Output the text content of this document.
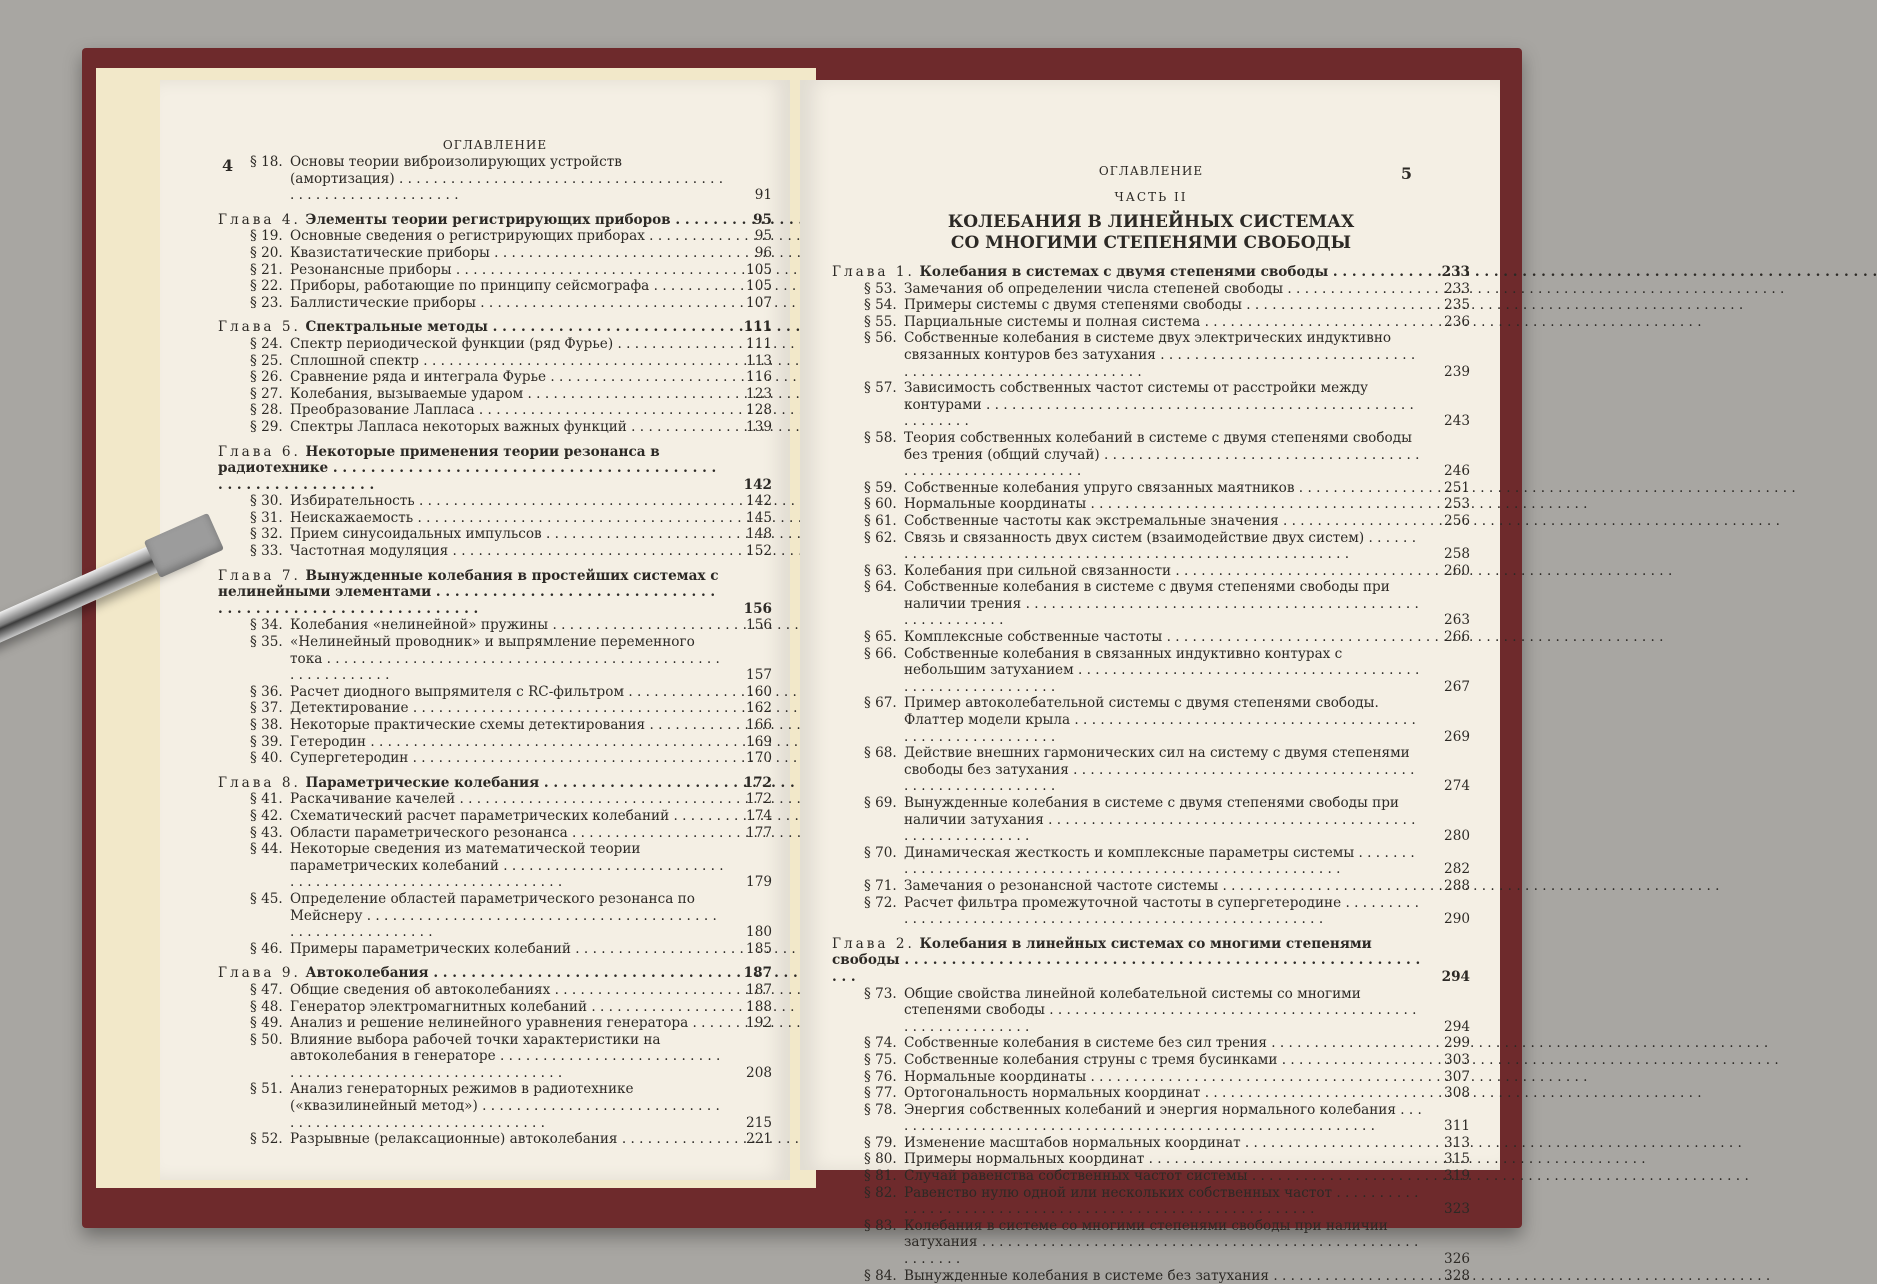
ОГЛАВЛЕНИЕ
4 § 18. Основы теории виброизолирующих устройств (амортизация) . . .
91
Глава 4. Элементы теории регистрирующих приборов . . .	95
§ 19. Основные сведения о регистрирующих приборах . . .	95
§ 20. Квазистатические приборы . . .	96
§ 21. Резонансные приборы . . .	105
§ 22. Приборы, работающие по принципу сейсмографа . . .	105
§ 23. Баллистические приборы . . .	107
Глава 5. Спектральные методы . . .	111
§ 24. Спектр периодической функции (ряд Фурье) . . .	111
§ 25. Сплошной спектр . . .	113
§ 26. Сравнение ряда и интеграла Фурье . . .	116
§ 27. Колебания, вызываемые ударом . . .	123
§ 28. Преобразование Лапласа . . .	128
§ 29. Спектры Лапласа некоторых важных функций . . .	139
Глава 6. Некоторые применения теории резонанса в радиотехнике . . .
142
§ 30. Избирательность . . .	142
§ 31. Неискажаемость . . .	145
§ 32. Прием синусоидальных импульсов . . .	148
§ 33. Частотная модуляция . . .	152
Глава 7. Вынужденные колебания в простейших системах с нелинейными элементами . . .
156
§ 34. Колебания «нелинейной» пружины . . .	156
§ 35. «Нелинейный проводник» и выпрямление переменного тока . . .
157
§ 36. Расчет диодного выпрямителя с RC-фильтром . . .	160
§ 37. Детектирование . . .	162
§ 38. Некоторые практические схемы детектирования . . .	166
§ 39. Гетеродин . . .	169
§ 40. Супергетеродин . . .	170
Глава 8. Параметрические колебания . . .	172
§ 41. Раскачивание качелей . . .	172
§ 42. Схематический расчет параметрических колебаний . . .	174
§ 43. Области параметрического резонанса . . .	177
§ 44. Некоторые сведения из математической теории параметрических колебаний . . .
179
§ 45. Определение областей параметрического резонанса по Мейснеру . . .
180
§ 46. Примеры параметрических колебаний . . .	185
Глава 9. Автоколебания . . .	187
§ 47. Общие сведения об автоколебаниях . . .	187
§ 48. Генератор электромагнитных колебаний . . .	188
§ 49. Анализ и решение нелинейного уравнения генератора . . .	192
§ 50. Влияние выбора рабочей точки характеристики на автоколебания в генераторе . . .
208
§ 51. Анализ генераторных режимов в радиотехнике («квазилинейный метод») . . .
215
§ 52. Разрывные (релаксационные) автоколебания . . .	221
ОГЛАВЛЕНИЕ	5
ЧАСТЬ II
КОЛЕБАНИЯ В ЛИНЕЙНЫХ СИСТЕМАХ
СО МНОГИМИ СТЕПЕНЯМИ СВОБОДЫ
Глава 1. Колебания в системах с двумя степенями свободы . . .	233
§ 53. Замечания об определении числа степеней свободы . . .	233
§ 54. Примеры системы с двумя степенями свободы . . .	235
§ 55. Парциальные системы и полная система . . .	236
§ 56. Собственные колебания в системе двух электрических индуктивно связанных контуров без затухания . . .
239
§ 57. Зависимость собственных частот системы от расстройки между контурами . . .
243
§ 58. Теория собственных колебаний в системе с двумя степенями свободы без трения (общий случай) . . .
246
§ 59. Собственные колебания упруго связанных маятников . . .	251
§ 60. Нормальные координаты . . .	253
§ 61. Собственные частоты как экстремальные значения . . .	256
§ 62. Связь и связанность двух систем (взаимодействие двух систем) . . .
258
§ 63. Колебания при сильной связанности . . .	260
§ 64. Собственные колебания в системе с двумя степенями свободы при наличии трения . . .
263
§ 65. Комплексные собственные частоты . . .	266
§ 66. Собственные колебания в связанных индуктивно контурах с небольшим затуханием . . .
267
§ 67. Пример автоколебательной системы с двумя степенями свободы. Флаттер модели крыла . . .
269
§ 68. Действие внешних гармонических сил на систему с двумя степенями свободы без затухания . . .
274
§ 69. Вынужденные колебания в системе с двумя степенями свободы при наличии затухания . . .
280
§ 70. Динамическая жесткость и комплексные параметры системы . . .
282
§ 71. Замечания о резонансной частоте системы . . .	288
§ 72. Расчет фильтра промежуточной частоты в супергетеродине . . .
290
Глава 2. Колебания в линейных системах со многими степенями свободы . . .
294
§ 73. Общие свойства линейной колебательной системы со многими степенями свободы . . .
294
§ 74. Собственные колебания в системе без сил трения . . .	299
§ 75. Собственные колебания струны с тремя бусинками . . .	303
§ 76. Нормальные координаты . . .	307
§ 77. Ортогональность нормальных координат . . .	308
§ 78. Энергия собственных колебаний и энергия нормального колебания . . .
311
§ 79. Изменение масштабов нормальных координат . . .	313
§ 80. Примеры нормальных координат . . .	315
§ 81. Случай равенства собственных частот системы . . .	319
§ 82. Равенство нулю одной или нескольких собственных частот . . .
323
§ 83. Колебания в системе со многими степенями свободы при наличии затухания . . .
326
§ 84. Вынужденные колебания в системе без затухания . . .	328
